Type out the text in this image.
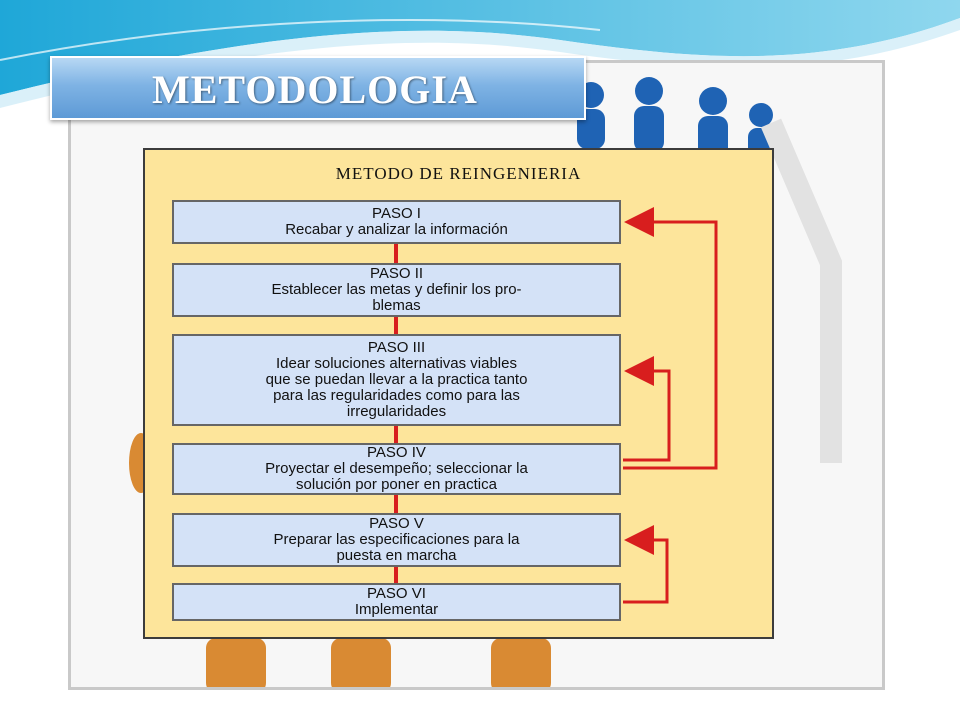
METODOLOGIA
METODO DE REINGENIERIA
PASO I
Recabar y analizar la información
PASO II
Establecer las metas y definir los pro-
blemas
PASO III
Idear soluciones alternativas viables
que se puedan llevar a la practica tanto
para las regularidades como para las
irregularidades
PASO IV
Proyectar el desempeño; seleccionar la
solución por poner en practica
PASO V
Preparar las especificaciones para la
puesta en marcha
PASO VI
Implementar
